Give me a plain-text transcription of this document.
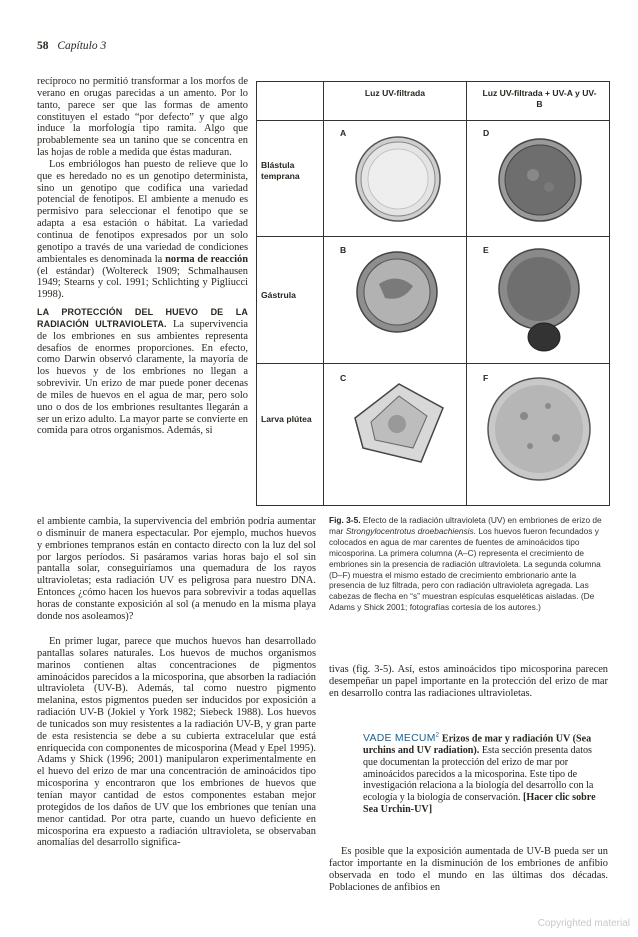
58 Capítulo 3

recíproco no permitió transformar a los morfos de verano en orugas parecidas a un amento. Por lo tanto, parece ser que las formas de amento constituyen el estado “por defecto” y que algo induce la morfología tipo ramita. Algo que probablemente sea un tanino que se concentra en las hojas de roble a medida que éstas maduran.

Los embriólogos han puesto de relieve que lo que es heredado no es un genotipo determinista, sino un genotipo que codifica una variedad potencial de fenotipos. El ambiente a menudo es permisivo para seleccionar el fenotipo que se adapta a esa estación o hábitat. La variedad continua de fenotipos expresados por un solo genotipo a través de una variedad de condiciones ambientales es denominada la norma de reacción (el estándar) (Woltereck 1909; Schmalhausen 1949; Stearns y col. 1991; Schlichting y Pigliucci 1998).

LA PROTECCIÓN DEL HUEVO DE LA RADIACIÓN ULTRAVIOLETA. La supervivencia de los embriones en sus ambientes representa desafíos de enormes proporciones. En efecto, como Darwin observó claramente, la mayoría de los huevos y de los embriones no llegan a sobrevivir. Un erizo de mar puede poner decenas de miles de huevos en el agua de mar, pero solo uno o dos de los embriones resultantes llegarán a ser un erizo adulto. La mayor parte se convierte en comida para otros organismos. Además, si

el ambiente cambia, la supervivencia del embrión podría aumentar o disminuir de manera espectacular. Por ejemplo, muchos huevos y embriones tempranos están en contacto directo con la luz del sol por largos períodos. Si pasáramos varias horas bajo el sol sin pantalla solar, conseguiríamos una quemadura de los rayos ultravioletas; esta radiación UV es peligrosa para nuestro DNA. Entonces ¿cómo hacen los huevos para sobrevivir a todas aquellas horas de constante exposición al sol (a menudo en la misma playa donde nos asoleamos)?

En primer lugar, parece que muchos huevos han desarrollado pantallas solares naturales. Los huevos de muchos organismos marinos contienen altas concentraciones de pigmentos aminoácidos parecidos a la micosporina, que absorben la radiación ultravioleta (UV-B). Además, tal como nuestro pigmento melanina, estos pigmentos pueden ser inducidos por exposición a radiación UV-B (Jokiel y York 1982; Siebeck 1988). Los huevos de tunicados son muy resistentes a la radiación UV-B, y gran parte de esta resistencia se debe a su cubierta extracelular que está enriquecida con componentes de micosporina (Mead y Epel 1995). Adams y Shick (1996; 2001) manipularon experimentalmente en el huevo del erizo de mar una concentración de aminoácidos tipo micosporina y encontraron que los embriones de huevos que tenían mayor cantidad de estos componentes estaban mejor protegidos de los daños de UV que los embriones que tenían una menor cantidad. Por otra parte, cuando un huevo deficiente en micosporina era expuesto a radiación ultravioleta, se observaban anomalías del desarrollo significa-

Luz UV-filtrada	Luz UV-filtrada + UV-A y UV-B
Blástula temprana
Gástrula
Larva plútea
A
B
C
D
E
F
Fig. 3-5. Efecto de la radiación ultravioleta (UV) en embriones de erizo de mar Strongylocentrotus droebachiensis. Los huevos fueron fecundados y colocados en agua de mar carentes de fuentes de aminoácidos tipo micosporina. La primera columna (A–C) representa el crecimiento de embriones sin la presencia de radiación ultravioleta. La segunda columna (D–F) muestra el mismo estado de crecimiento embrionario ante la presencia de luz filtrada, pero con radiación ultravioleta agregada. Las cabezas de flecha en “s” muestran espículas esqueléticas aisladas. (De Adams y Shick 2001; fotografías cortesía de los autores.)

tivas (fig. 3-5). Así, estos aminoácidos tipo micosporina parecen desempeñar un papel importante en la protección del erizo de mar en desarrollo contra las radiaciones ultravioletas.

VADE MECUM$^2$ Erizos de mar y radiación UV (Sea urchins and UV radiation). Esta sección presenta datos que documentan la protección del erizo de mar por aminoácidos parecidos a la micosporina. Este tipo de investigación relaciona a la biología del desarrollo con la ecología y la biología de conservación. [Hacer clic sobre Sea Urchin-UV]

Es posible que la exposición aumentada de UV-B pueda ser un factor importante en la disminución de los embriones de anfibio observada en todo el mundo en las últimas dos décadas. Poblaciones de anfibios en

Copyrighted material
